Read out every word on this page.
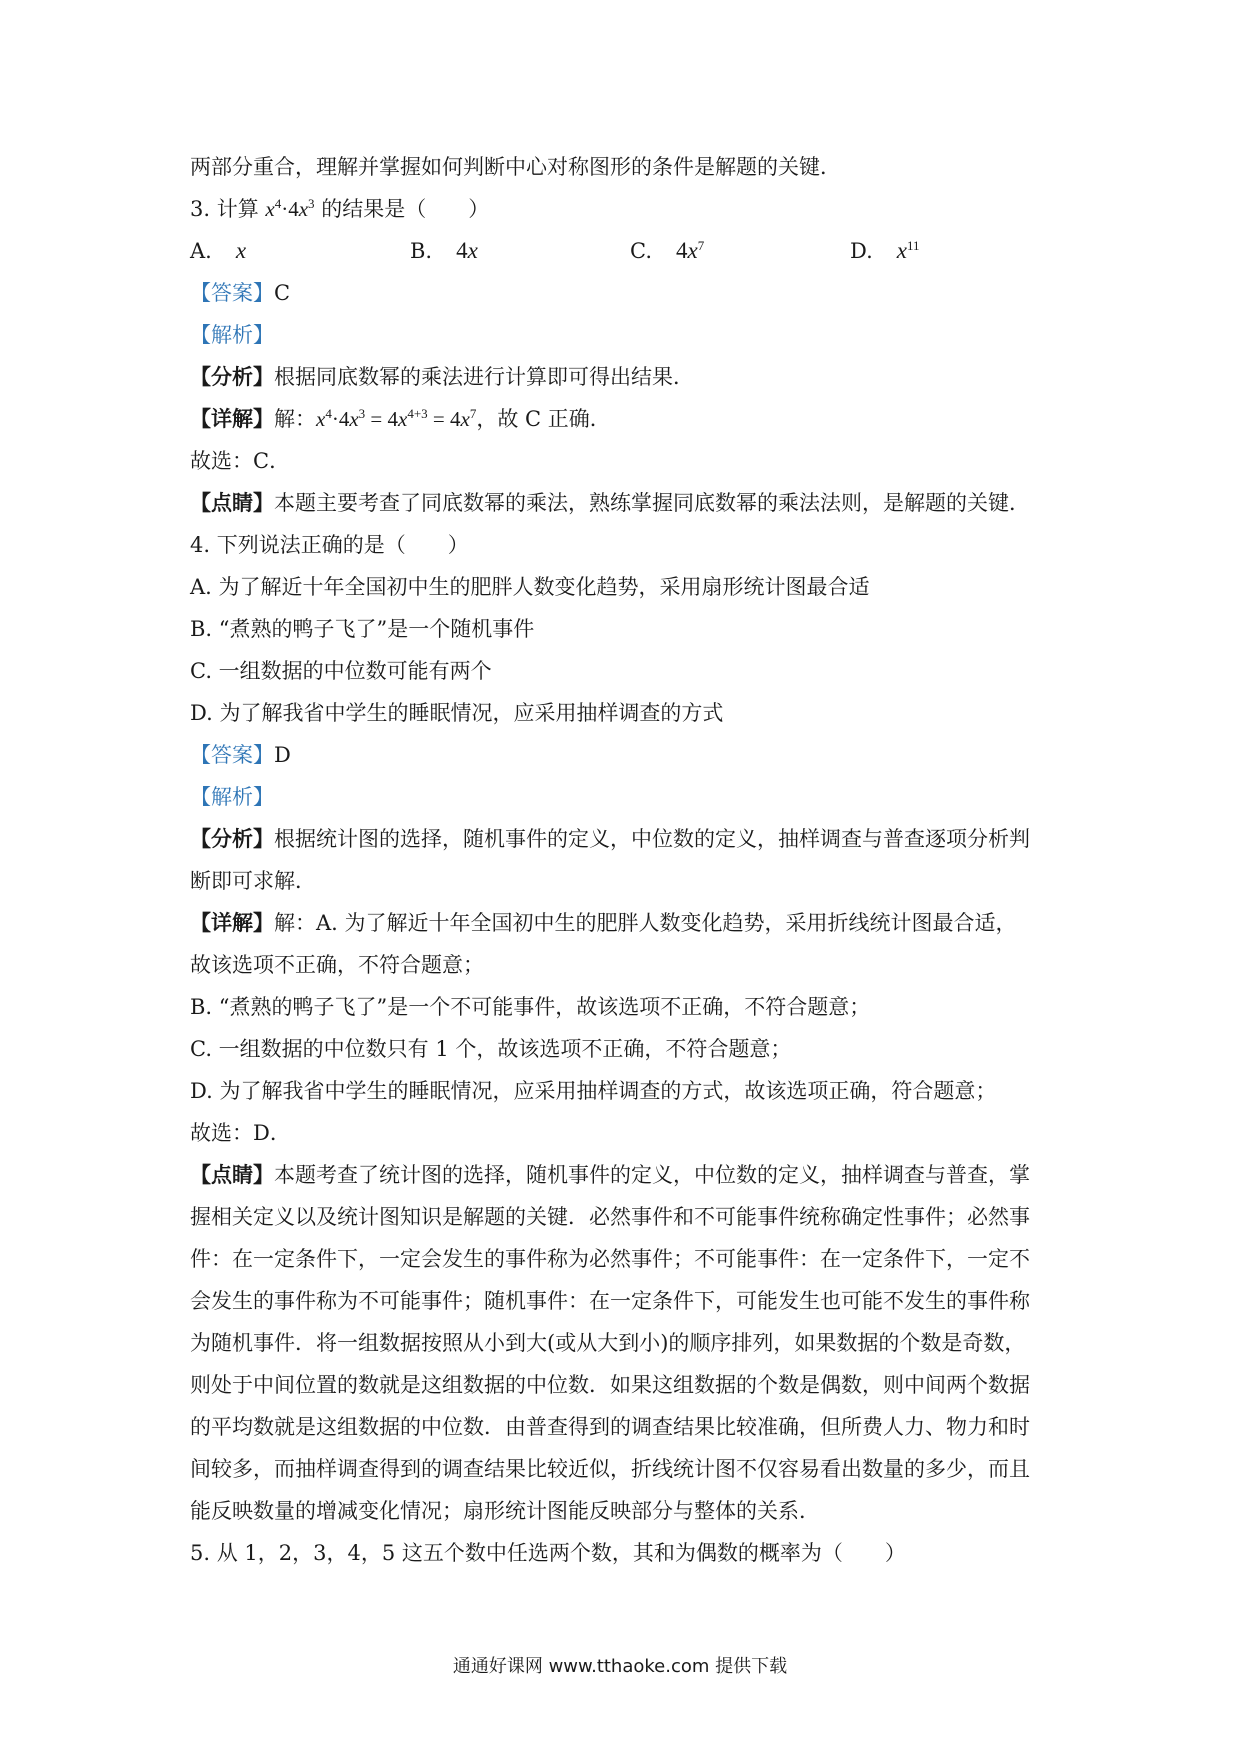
两部分重合，理解并掌握如何判断中心对称图形的条件是解题的关键．
3. 计算 $x^4\cdot 4x^3$ 的结果是（　　）
A. x	B. 4x	C. $4x^7$	D. $x^{11}$
【答案】C
【解析】
【分析】根据同底数幂的乘法进行计算即可得出结果．
【详解】解：$x^4\cdot 4x^3 = 4x^{4+3} = 4x^7$，故 C 正确．
故选：C．
【点睛】本题主要考查了同底数幂的乘法，熟练掌握同底数幂的乘法法则，是解题的关键．
4. 下列说法正确的是（　　）
A. 为了解近十年全国初中生的肥胖人数变化趋势，采用扇形统计图最合适
B. “煮熟的鸭子飞了”是一个随机事件
C. 一组数据的中位数可能有两个
D. 为了解我省中学生的睡眠情况，应采用抽样调查的方式
【答案】D
【解析】
【分析】根据统计图的选择，随机事件的定义，中位数的定义，抽样调查与普查逐项分析判
断即可求解．
【详解】解：A. 为了解近十年全国初中生的肥胖人数变化趋势，采用折线统计图最合适，
故该选项不正确，不符合题意；
B. “煮熟的鸭子飞了”是一个不可能事件，故该选项不正确，不符合题意；
C. 一组数据的中位数只有 1 个，故该选项不正确，不符合题意；
D. 为了解我省中学生的睡眠情况，应采用抽样调查的方式，故该选项正确，符合题意；
故选：D．
【点睛】本题考查了统计图的选择，随机事件的定义，中位数的定义，抽样调查与普查，掌
握相关定义以及统计图知识是解题的关键．必然事件和不可能事件统称确定性事件；必然事
件：在一定条件下，一定会发生的事件称为必然事件；不可能事件：在一定条件下，一定不
会发生的事件称为不可能事件；随机事件：在一定条件下，可能发生也可能不发生的事件称
为随机事件．将一组数据按照从小到大(或从大到小)的顺序排列，如果数据的个数是奇数，
则处于中间位置的数就是这组数据的中位数．如果这组数据的个数是偶数，则中间两个数据
的平均数就是这组数据的中位数．由普查得到的调查结果比较准确，但所费人力、物力和时
间较多，而抽样调查得到的调查结果比较近似，折线统计图不仅容易看出数量的多少，而且
能反映数量的增减变化情况；扇形统计图能反映部分与整体的关系．
5. 从 1，2，3，4，5 这五个数中任选两个数，其和为偶数的概率为（　　）
通通好课网 www.tthaoke.com 提供下载
